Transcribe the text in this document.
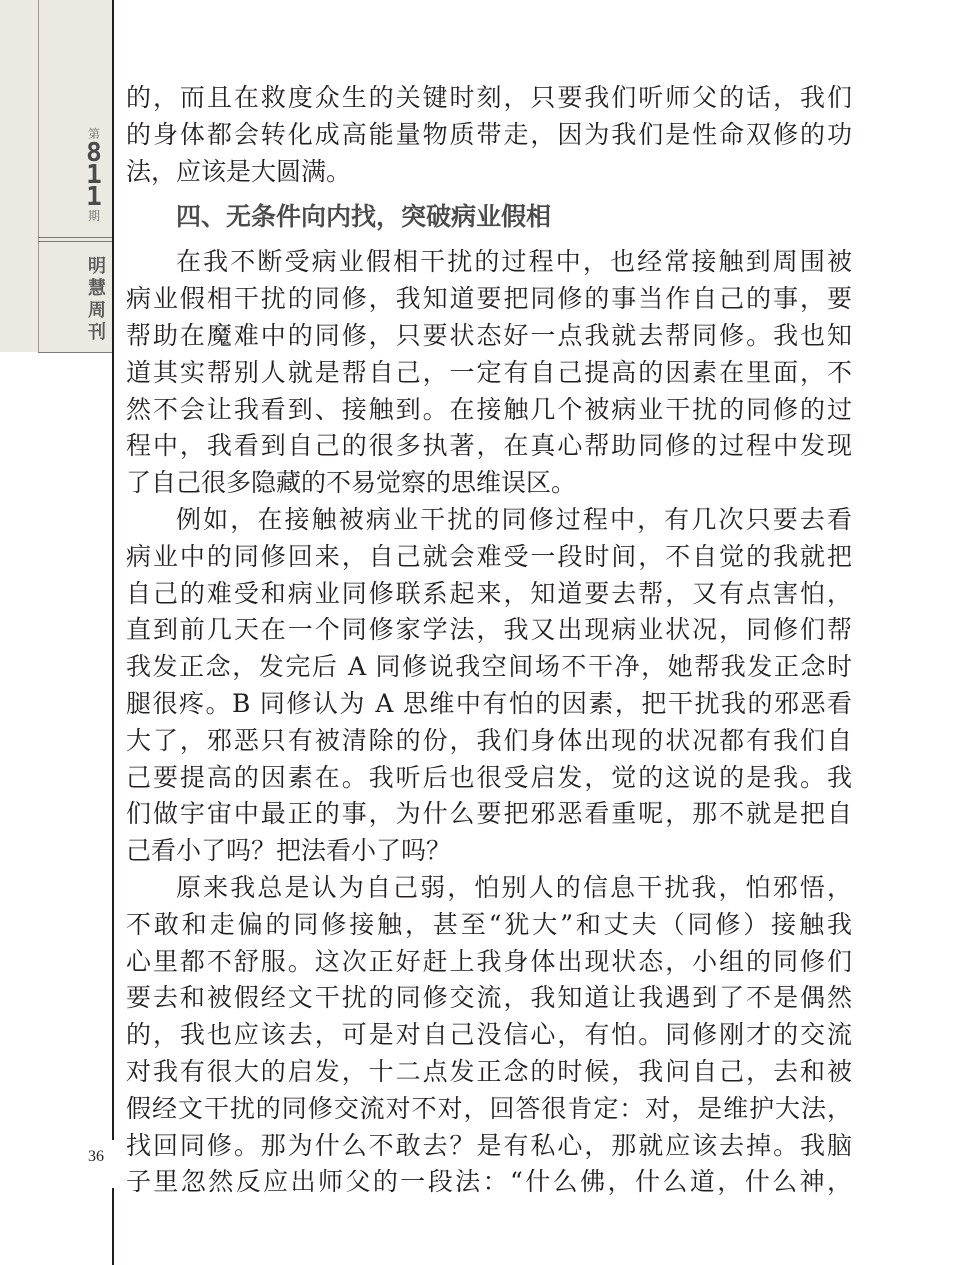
第
8
1
1
期
明慧周刊
36
的，而且在救度众生的关键时刻，只要我们听师父的话，我们
的身体都会转化成高能量物质带走，因为我们是性命双修的功
法，应该是大圆满。
四、无条件向内找，突破病业假相
在我不断受病业假相干扰的过程中，也经常接触到周围被
病业假相干扰的同修，我知道要把同修的事当作自己的事，要
帮助在魔难中的同修，只要状态好一点我就去帮同修。我也知
道其实帮别人就是帮自己，一定有自己提高的因素在里面，不
然不会让我看到、接触到。在接触几个被病业干扰的同修的过
程中，我看到自己的很多执著，在真心帮助同修的过程中发现
了自己很多隐藏的不易觉察的思维误区。
例如，在接触被病业干扰的同修过程中，有几次只要去看
病业中的同修回来，自己就会难受一段时间，不自觉的我就把
自己的难受和病业同修联系起来，知道要去帮，又有点害怕，
直到前几天在一个同修家学法，我又出现病业状况，同修们帮
我发正念，发完后 A 同修说我空间场不干净，她帮我发正念时
腿很疼。B 同修认为 A 思维中有怕的因素，把干扰我的邪恶看
大了，邪恶只有被清除的份，我们身体出现的状况都有我们自
己要提高的因素在。我听后也很受启发，觉的这说的是我。我
们做宇宙中最正的事，为什么要把邪恶看重呢，那不就是把自
己看小了吗？把法看小了吗？
原来我总是认为自己弱，怕别人的信息干扰我，怕邪悟，
不敢和走偏的同修接触，甚至“犹大”和丈夫（同修）接触我
心里都不舒服。这次正好赶上我身体出现状态，小组的同修们
要去和被假经文干扰的同修交流，我知道让我遇到了不是偶然
的，我也应该去，可是对自己没信心，有怕。同修刚才的交流
对我有很大的启发，十二点发正念的时候，我问自己，去和被
假经文干扰的同修交流对不对，回答很肯定：对，是维护大法，
找回同修。那为什么不敢去？是有私心，那就应该去掉。我脑
子里忽然反应出师父的一段法：“什么佛，什么道，什么神，
